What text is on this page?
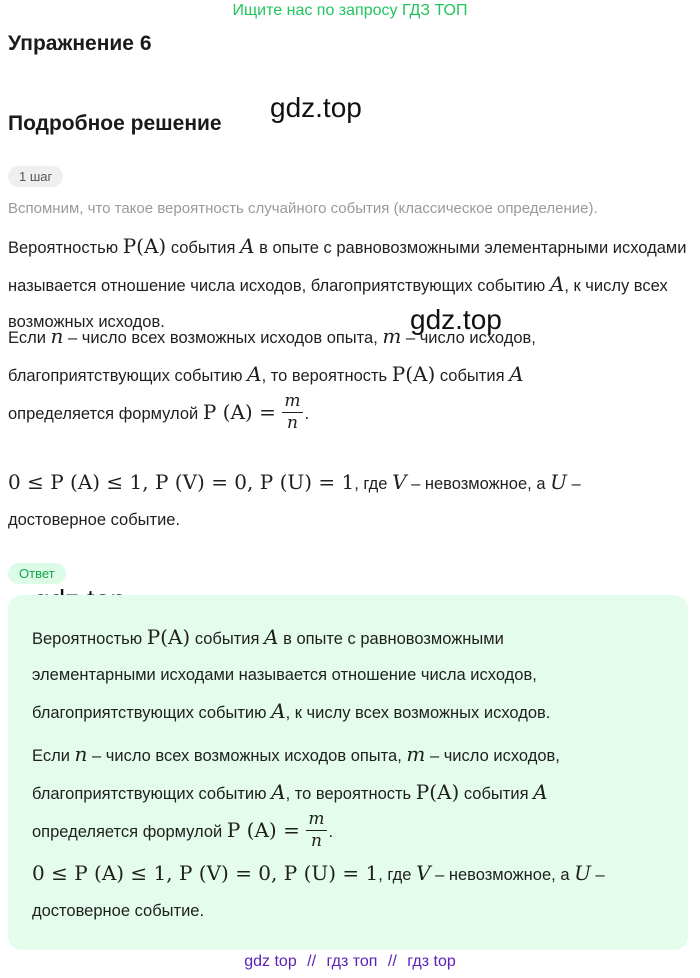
Ищите нас по запросу ГДЗ ТОП
Упражнение 6
Подробное решение
gdz.top
gdz.top
1 шаг
Вспомним, что такое вероятность случайного события (классическое определение).
Вероятностью P(A) события A в опыте с равновозможными элементарными исходами называется отношение числа исходов, благоприятствующих событию A, к числу всех возможных исходов.
Если n – число всех возможных исходов опыта, m – число исходов, благоприятствующих событию A, то вероятность P(A) события A
определяется формулой P $(A) = \frac{m}{n}$ .
0 ≤ P (A) ≤ 1, P (V) = 0, P (U) = 1, где V – невозможное, а U –
достоверное событие.
Ответ
Вероятностью P(A) события A в опыте с равновозможными
элементарными исходами называется отношение числа исходов,
благоприятствующих событию A, к числу всех возможных исходов.
Если n – число всех возможных исходов опыта, m – число исходов,
благоприятствующих событию A, то вероятность P(A) события A
определяется формулой P $(A) = \frac{m}{n}$ .
0 ≤ P (A) ≤ 1, P (V) = 0, P (U) = 1, где V – невозможное, а U –
достоверное событие.
gdz top // гдз топ // гдз top
